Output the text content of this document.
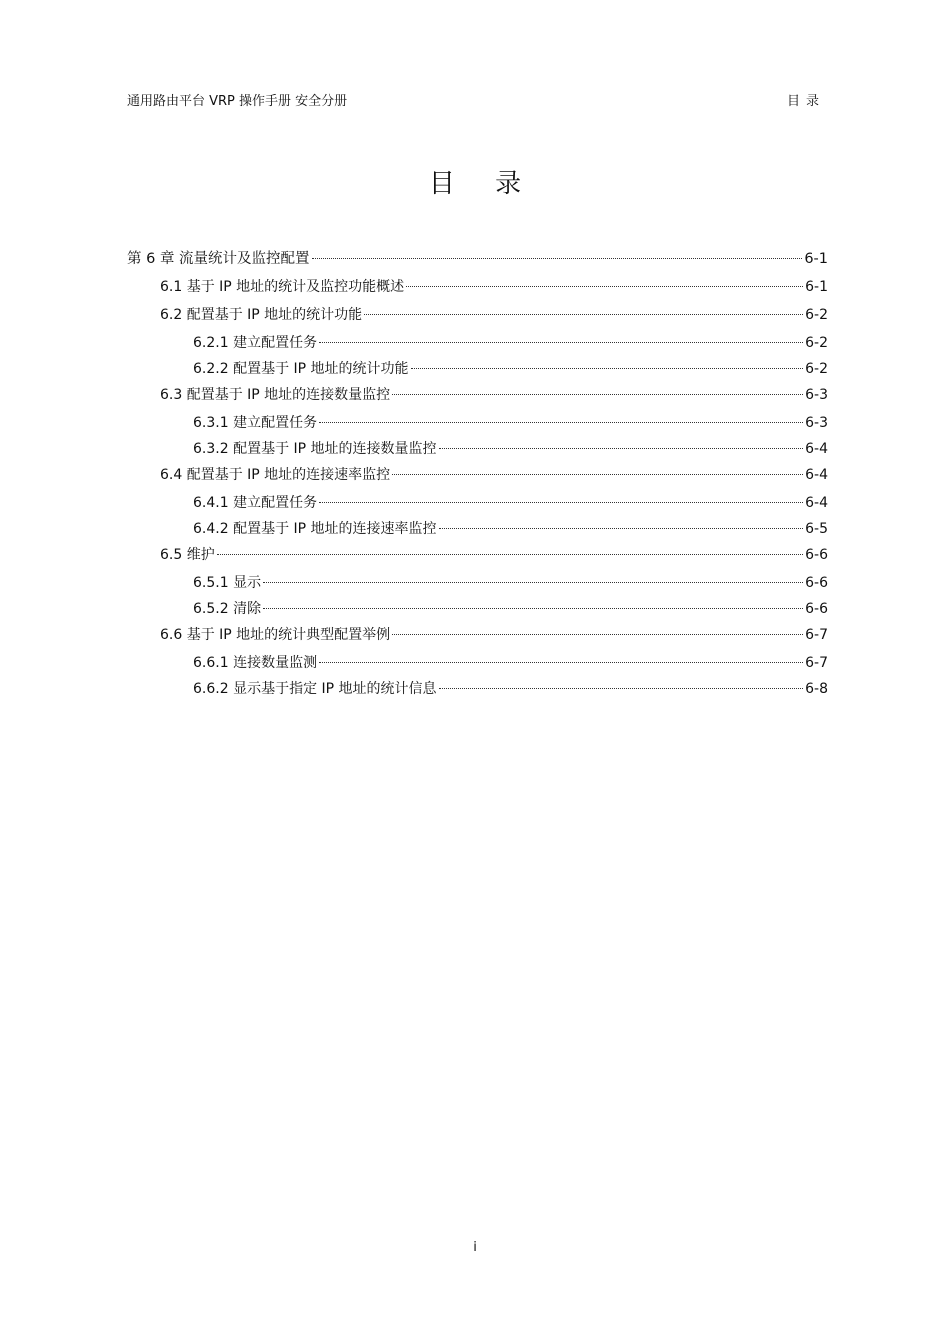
通用路由平台 VRP 操作手册 安全分册	目录
目 录
第 6 章 流量统计及监控配置	6-1
6.1 基于 IP 地址的统计及监控功能概述	6-1
6.2 配置基于 IP 地址的统计功能	6-2
6.2.1 建立配置任务	6-2
6.2.2 配置基于 IP 地址的统计功能	6-2
6.3 配置基于 IP 地址的连接数量监控	6-3
6.3.1 建立配置任务	6-3
6.3.2 配置基于 IP 地址的连接数量监控	6-4
6.4 配置基于 IP 地址的连接速率监控	6-4
6.4.1 建立配置任务	6-4
6.4.2 配置基于 IP 地址的连接速率监控	6-5
6.5 维护	6-6
6.5.1 显示	6-6
6.5.2 清除	6-6
6.6 基于 IP 地址的统计典型配置举例	6-7
6.6.1 连接数量监测	6-7
6.6.2 显示基于指定 IP 地址的统计信息	6-8
i
